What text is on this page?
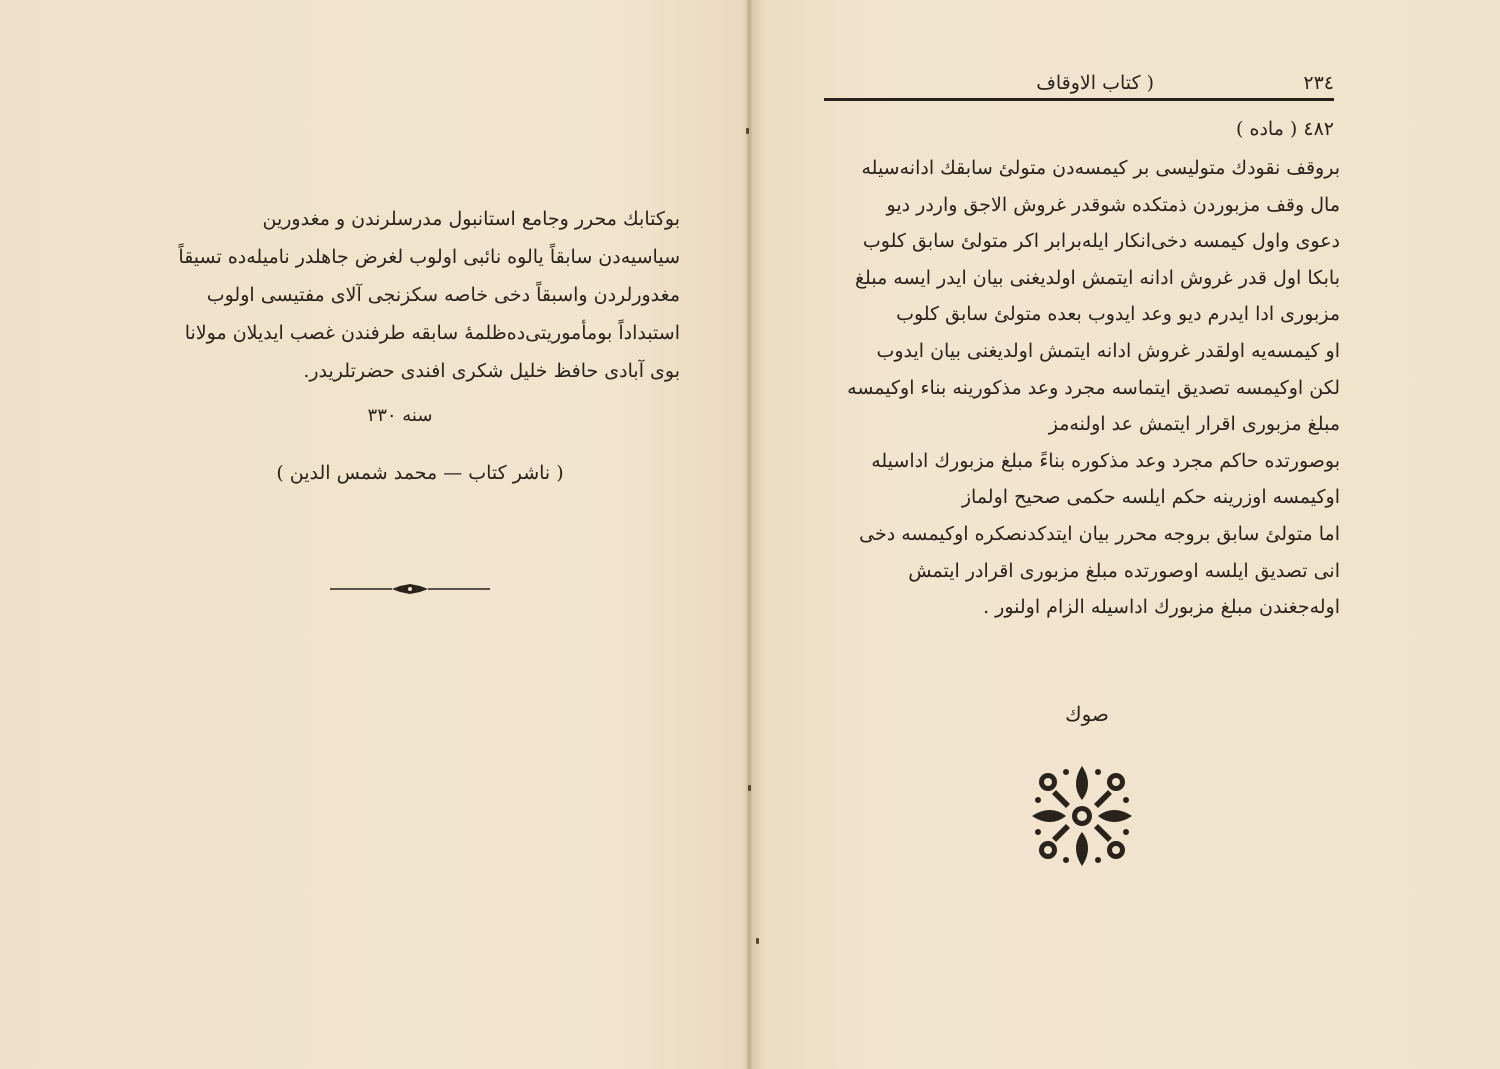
بوکتابك محرر وجامع استانبول مدرسلرندن و مغدورین
سیاسیه‌دن سابقاً یالوه نائبی اولوب لغرض جاهلدر نامیله‌ده تسیقاً
مغدورلردن واسبقاً دخی خاصه سکزنجی آلای مفتیسی اولوب
استبداداً بومأموریتی‌ده‌ظلمهٔ سابقه طرفندن غصب ایدیلان مولانا
بوی آبادی حافظ خلیل شکری افندی حضرتلریدر.
سنه ۳۳۰
( ناشر کتاب — محمد شمس الدین )
( کتاب الاوقاف	۲۳٤
٤٨۲ ( ماده )
بروقف نقودك متولیسی بر کیمسه‌دن متولئ سابقك ادانه‌سیله
مال وقف مزبوردن ذمتکده شوقدر غروش الاجق واردر دیو
دعوی واول کیمسه دخی‌انکار ایله‌برابر اکر متولئ سابق کلوب
بابکا اول قدر غروش ادانه ایتمش اولدیغنی بیان ایدر ایسه مبلغ
مزبوری ادا ایدرم دیو وعد ایدوب بعده متولئ سابق کلوب
او کیمسه‌یه اولقدر غروش ادانه ایتمش اولدیغنی بیان ایدوب
لکن اوکیمسه تصدیق ایتماسه مجرد وعد مذکورینه بناء اوکیمسه
مبلغ مزبوری اقرار ایتمش عد اولنه‌مز
بوصورتده حاکم مجرد وعد مذکوره بناءً مبلغ مزبورك اداسیله
اوکیمسه اوزرینه حکم ایلسه حکمی صحیح اولماز
اما متولئ سابق بروجه محرر بیان ایتدکدنصکره اوکیمسه دخی
انی تصدیق ایلسه اوصورتده مبلغ مزبوری اقرادر ایتمش
اوله‌جغندن مبلغ مزبورك اداسیله الزام اولنور .
صوك
